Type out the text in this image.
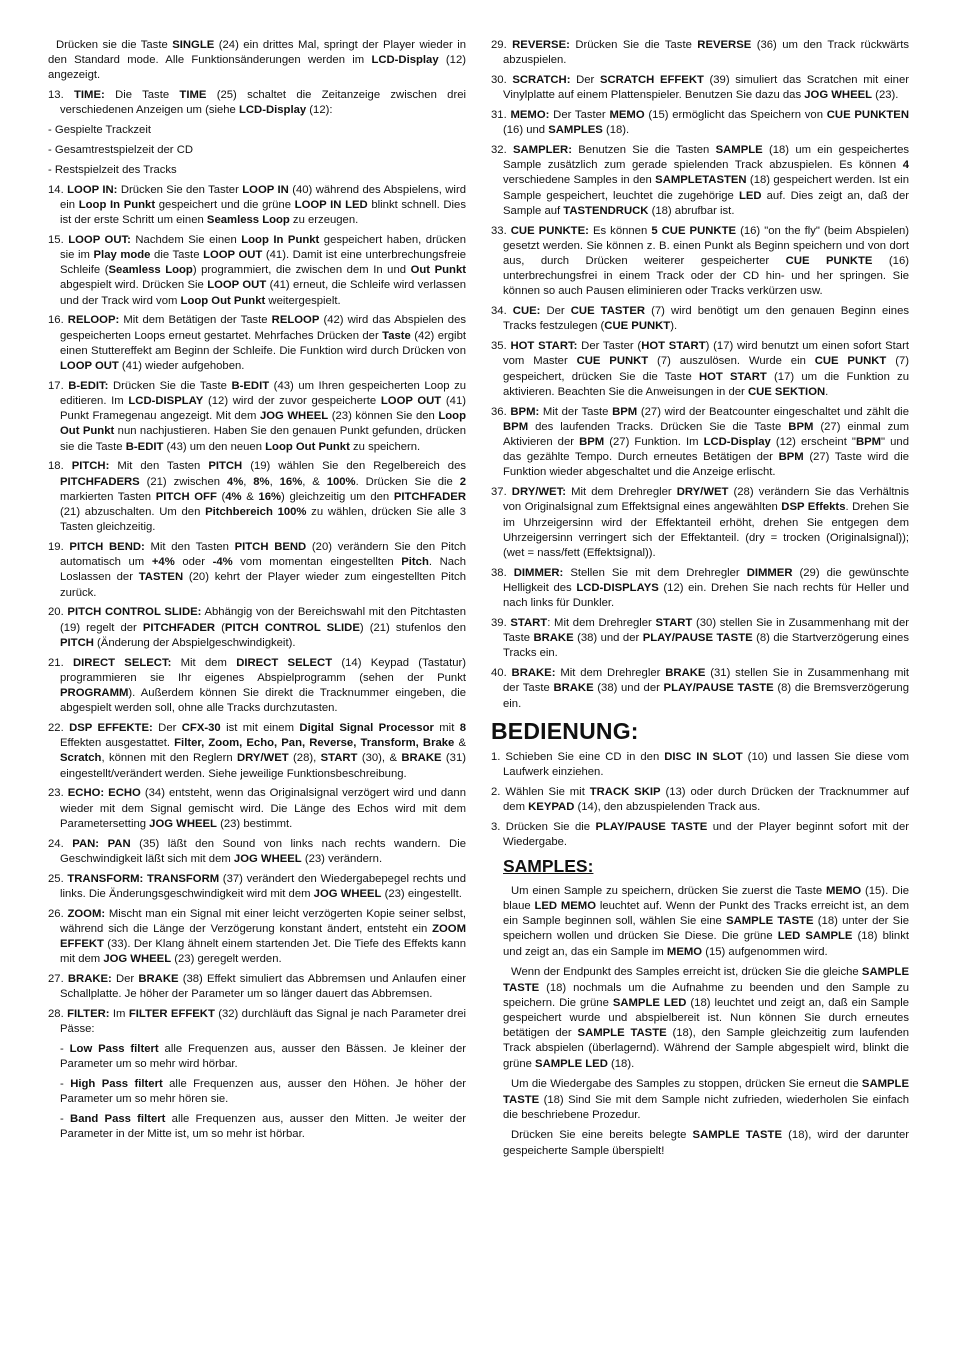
Drücken sie die Taste SINGLE (24) ein drittes Mal, springt der Player wieder in den Standard mode. Alle Funktionsänderungen werden im LCD-Display (12) angezeigt.
13. TIME: Die Taste TIME (25) schaltet die Zeitanzeige zwischen drei verschiedenen Anzeigen um (siehe LCD-Display (12):
- Gespielte Trackzeit
- Gesamtrestspielzeit der CD
- Restspielzeit des Tracks
14. LOOP IN: Drücken Sie den Taster LOOP IN (40) während des Abspielens, wird ein Loop In Punkt gespeichert und die grüne LOOP IN LED blinkt schnell. Dies ist der erste Schritt um einen Seamless Loop zu erzeugen.
15. LOOP OUT: Nachdem Sie einen Loop In Punkt gespeichert haben, drücken sie im Play mode die Taste LOOP OUT (41). Damit ist eine unterbrechungsfreie Schleife (Seamless Loop) programmiert, die zwischen dem In und Out Punkt abgespielt wird. Drücken Sie LOOP OUT (41) erneut, die Schleife wird verlassen und der Track wird vom Loop Out Punkt weitergespielt.
16. RELOOP: Mit dem Betätigen der Taste RELOOP (42) wird das Abspielen des gespeicherten Loops erneut gestartet. Mehrfaches Drücken der Taste (42) ergibt einen Stuttereffekt am Beginn der Schleife. Die Funktion wird durch Drücken von LOOP OUT (41) wieder aufgehoben.
17. B-EDIT: Drücken Sie die Taste B-EDIT (43) um Ihren gespeicherten Loop zu editieren. Im LCD-DISPLAY (12) wird der zuvor gespeicherte LOOP OUT (41) Punkt Framegenau angezeigt. Mit dem JOG WHEEL (23) können Sie den Loop Out Punkt nun nachjustieren. Haben Sie den genauen Punkt gefunden, drücken sie die Taste B-EDIT (43) um den neuen Loop Out Punkt zu speichern.
18. PITCH: Mit den Tasten PITCH (19) wählen Sie den Regelbereich des PITCHFADERS (21) zwischen 4%, 8%, 16%, & 100%. Drücken Sie die 2 markierten Tasten PITCH OFF (4% & 16%) gleichzeitig um den PITCHFADER (21) abzuschalten. Um den Pitchbereich 100% zu wählen, drücken Sie alle 3 Tasten gleichzeitig.
19. PITCH BEND: Mit den Tasten PITCH BEND (20) verändern Sie den Pitch automatisch um +4% oder -4% vom momentan eingestellten Pitch. Nach Loslassen der TASTEN (20) kehrt der Player wieder zum eingestellten Pitch zurück.
20. PITCH CONTROL SLIDE: Abhängig von der Bereichswahl mit den Pitchtasten (19) regelt der PITCHFADER (PITCH CONTROL SLIDE) (21) stufenlos den PITCH (Änderung der Abspielgeschwindigkeit).
21. DIRECT SELECT: Mit dem DIRECT SELECT (14) Keypad (Tastatur) programmieren sie Ihr eigenes Abspielprogramm (sehen der Punkt PROGRAMM). Außerdem können Sie direkt die Tracknummer eingeben, die abgespielt werden soll, ohne alle Tracks durchzutasten.
22. DSP EFFEKTE: Der CFX-30 ist mit einem Digital Signal Processor mit 8 Effekten ausgestattet. Filter, Zoom, Echo, Pan, Reverse, Transform, Brake & Scratch, können mit den Reglern DRY/WET (28), START (30), & BRAKE (31) eingestellt/verändert werden. Siehe jeweilige Funktionsbeschreibung.
23. ECHO: ECHO (34) entsteht, wenn das Originalsignal verzögert wird und dann wieder mit dem Signal gemischt wird. Die Länge des Echos wird mit dem Parametersetting JOG WHEEL (23) bestimmt.
24. PAN: PAN (35) läßt den Sound von links nach rechts wandern. Die Geschwindigkeit läßt sich mit dem JOG WHEEL (23) verändern.
25. TRANSFORM: TRANSFORM (37) verändert den Wiedergabepegel rechts und links. Die Änderungsgeschwindigkeit wird mit dem JOG WHEEL (23) eingestellt.
26. ZOOM: Mischt man ein Signal mit einer leicht verzögerten Kopie seiner selbst, während sich die Länge der Verzögerung konstant ändert, entsteht ein ZOOM EFFEKT (33). Der Klang ähnelt einem startenden Jet. Die Tiefe des Effekts kann mit dem JOG WHEEL (23) geregelt werden.
27. BRAKE: Der BRAKE (38) Effekt simuliert das Abbremsen und Anlaufen einer Schallplatte. Je höher der Parameter um so länger dauert das Abbremsen.
28. FILTER: Im FILTER EFFEKT (32) durchläuft das Signal je nach Parameter drei Pässe:
- Low Pass filtert alle Frequenzen aus, ausser den Bässen. Je kleiner der Parameter um so mehr wird hörbar.
- High Pass filtert alle Frequenzen aus, ausser den Höhen. Je höher der Parameter um so mehr hören sie.
- Band Pass filtert alle Frequenzen aus, ausser den Mitten. Je weiter der Parameter in der Mitte ist, um so mehr ist hörbar.
29. REVERSE: Drücken Sie die Taste REVERSE (36) um den Track rückwärts abzuspielen.
30. SCRATCH: Der SCRATCH EFFEKT (39) simuliert das Scratchen mit einer Vinylplatte auf einem Plattenspieler. Benutzen Sie dazu das JOG WHEEL (23).
31. MEMO: Der Taster MEMO (15) ermöglicht das Speichern von CUE PUNKTEN (16) und SAMPLES (18).
32. SAMPLER: Benutzen Sie die Tasten SAMPLE (18) um ein gespeichertes Sample zusätzlich zum gerade spielenden Track abzuspielen. Es können 4 verschiedene Samples in den SAMPLETASTEN (18) gespeichert werden. Ist ein Sample gespeichert, leuchtet die zugehörige LED auf. Dies zeigt an, daß der Sample auf TASTENDRUCK (18) abrufbar ist.
33. CUE PUNKTE: Es können 5 CUE PUNKTE (16) "on the fly" (beim Abspielen) gesetzt werden. Sie können z. B. einen Punkt als Beginn speichern und von dort aus, durch Drücken weiterer gespeicherter CUE PUNKTE (16) unterbrechungsfrei in einem Track oder der CD hin- und her springen. Sie können so auch Pausen eliminieren oder Tracks verkürzen usw.
34. CUE: Der CUE TASTER (7) wird benötigt um den genauen Beginn eines Tracks festzulegen (CUE PUNKT).
35. HOT START: Der Taster (HOT START) (17) wird benutzt um einen sofort Start vom Master CUE PUNKT (7) auszulösen. Wurde ein CUE PUNKT (7) gespeichert, drücken Sie die Taste HOT START (17) um die Funktion zu aktivieren. Beachten Sie die Anweisungen in der CUE SEKTION.
36. BPM: Mit der Taste BPM (27) wird der Beatcounter eingeschaltet und zählt die BPM des laufenden Tracks. Drücken Sie die Taste BPM (27) einmal zum Aktivieren der BPM (27) Funktion. Im LCD-Display (12) erscheint "BPM" und das gezählte Tempo. Durch erneutes Betätigen der BPM (27) Taste wird die Funktion wieder abgeschaltet und die Anzeige erlischt.
37. DRY/WET: Mit dem Drehregler DRY/WET (28) verändern Sie das Verhältnis von Originalsignal zum Effektsignal eines angewählten DSP Effekts. Drehen Sie im Uhrzeigersinn wird der Effektanteil erhöht, drehen Sie entgegen dem Uhrzeigersinn verringert sich der Effektanteil. (dry = trocken (Originalsignal)); (wet = nass/fett (Effektsignal)).
38. DIMMER: Stellen Sie mit dem Drehregler DIMMER (29) die gewünschte Helligkeit des LCD-DISPLAYS (12) ein. Drehen Sie nach rechts für Heller und nach links für Dunkler.
39. START: Mit dem Drehregler START (30) stellen Sie in Zusammenhang mit der Taste BRAKE (38) und der PLAY/PAUSE TASTE (8) die Startverzögerung eines Tracks ein.
40. BRAKE: Mit dem Drehregler BRAKE (31) stellen Sie in Zusammenhang mit der Taste BRAKE (38) und der PLAY/PAUSE TASTE (8) die Bremsverzögerung ein.
BEDIENUNG:
1. Schieben Sie eine CD in den DISC IN SLOT (10) und lassen Sie diese vom Laufwerk einziehen.
2. Wählen Sie mit TRACK SKIP (13) oder durch Drücken der Tracknummer auf dem KEYPAD (14), den abzuspielenden Track aus.
3. Drücken Sie die PLAY/PAUSE TASTE und der Player beginnt sofort mit der Wiedergabe.
SAMPLES:
Um einen Sample zu speichern, drücken Sie zuerst die Taste MEMO (15). Die blaue LED MEMO leuchtet auf. Wenn der Punkt des Tracks erreicht ist, an dem ein Sample beginnen soll, wählen Sie eine SAMPLE TASTE (18) unter der Sie speichern wollen und drücken Sie Diese. Die grüne LED SAMPLE (18) blinkt und zeigt an, das ein Sample im MEMO (15) aufgenommen wird.
Wenn der Endpunkt des Samples erreicht ist, drücken Sie die gleiche SAMPLE TASTE (18) nochmals um die Aufnahme zu beenden und den Sample zu speichern. Die grüne SAMPLE LED (18) leuchtet und zeigt an, daß ein Sample gespeichert wurde und abspielbereit ist. Nun können Sie durch erneutes betätigen der SAMPLE TASTE (18), den Sample gleichzeitig zum laufenden Track abspielen (überlagernd). Während der Sample abgespielt wird, blinkt die grüne SAMPLE LED (18).
Um die Wiedergabe des Samples zu stoppen, drücken Sie erneut die SAMPLE TASTE (18) Sind Sie mit dem Sample nicht zufrieden, wiederholen Sie einfach die beschriebene Prozedur.
Drücken Sie eine bereits belegte SAMPLE TASTE (18), wird der darunter gespeicherte Sample überspielt!
